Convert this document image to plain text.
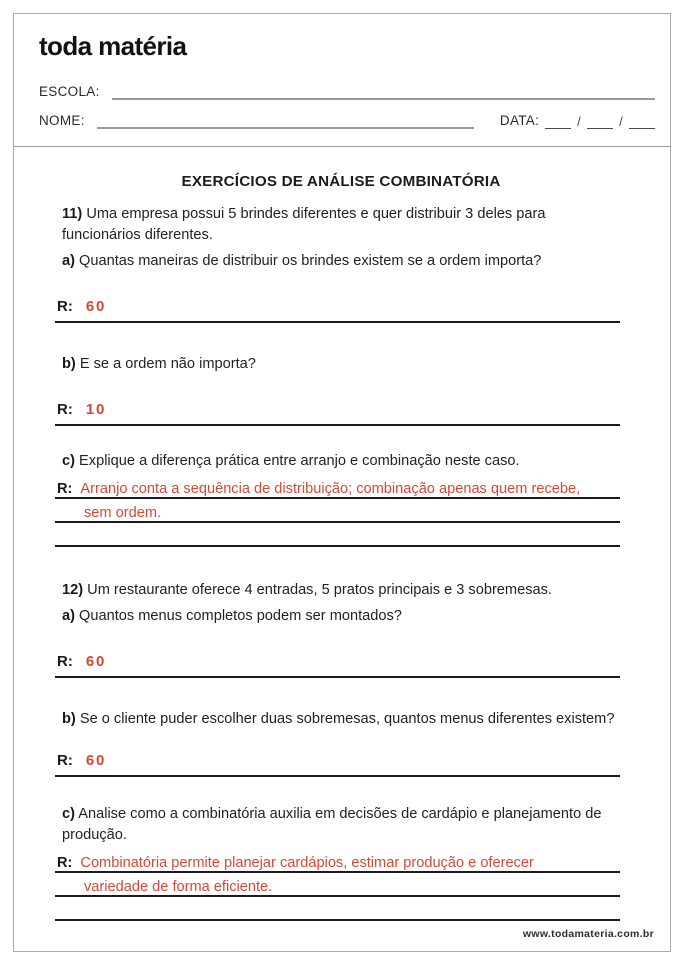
toda matéria
ESCOLA:
NOME:	DATA:	/	/
EXERCÍCIOS DE ANÁLISE COMBINATÓRIA

11) Uma empresa possui 5 brindes diferentes e quer distribuir 3 deles para funcionários diferentes.

a) Quantas maneiras de distribuir os brindes existem se a ordem importa?

R: 60

b) E se a ordem não importa?

R: 10

c) Explique a diferença prática entre arranjo e combinação neste caso.

R: Arranjo conta a sequência de distribuição; combinação apenas quem recebe,
sem ordem.

12) Um restaurante oferece 4 entradas, 5 pratos principais e 3 sobremesas.

a) Quantos menus completos podem ser montados?

R: 60

b) Se o cliente puder escolher duas sobremesas, quantos menus diferentes existem?

R: 60

c) Analise como a combinatória auxilia em decisões de cardápio e planejamento de produção.

R: Combinatória permite planejar cardápios, estimar produção e oferecer
variedade de forma eficiente.
www.todamateria.com.br
